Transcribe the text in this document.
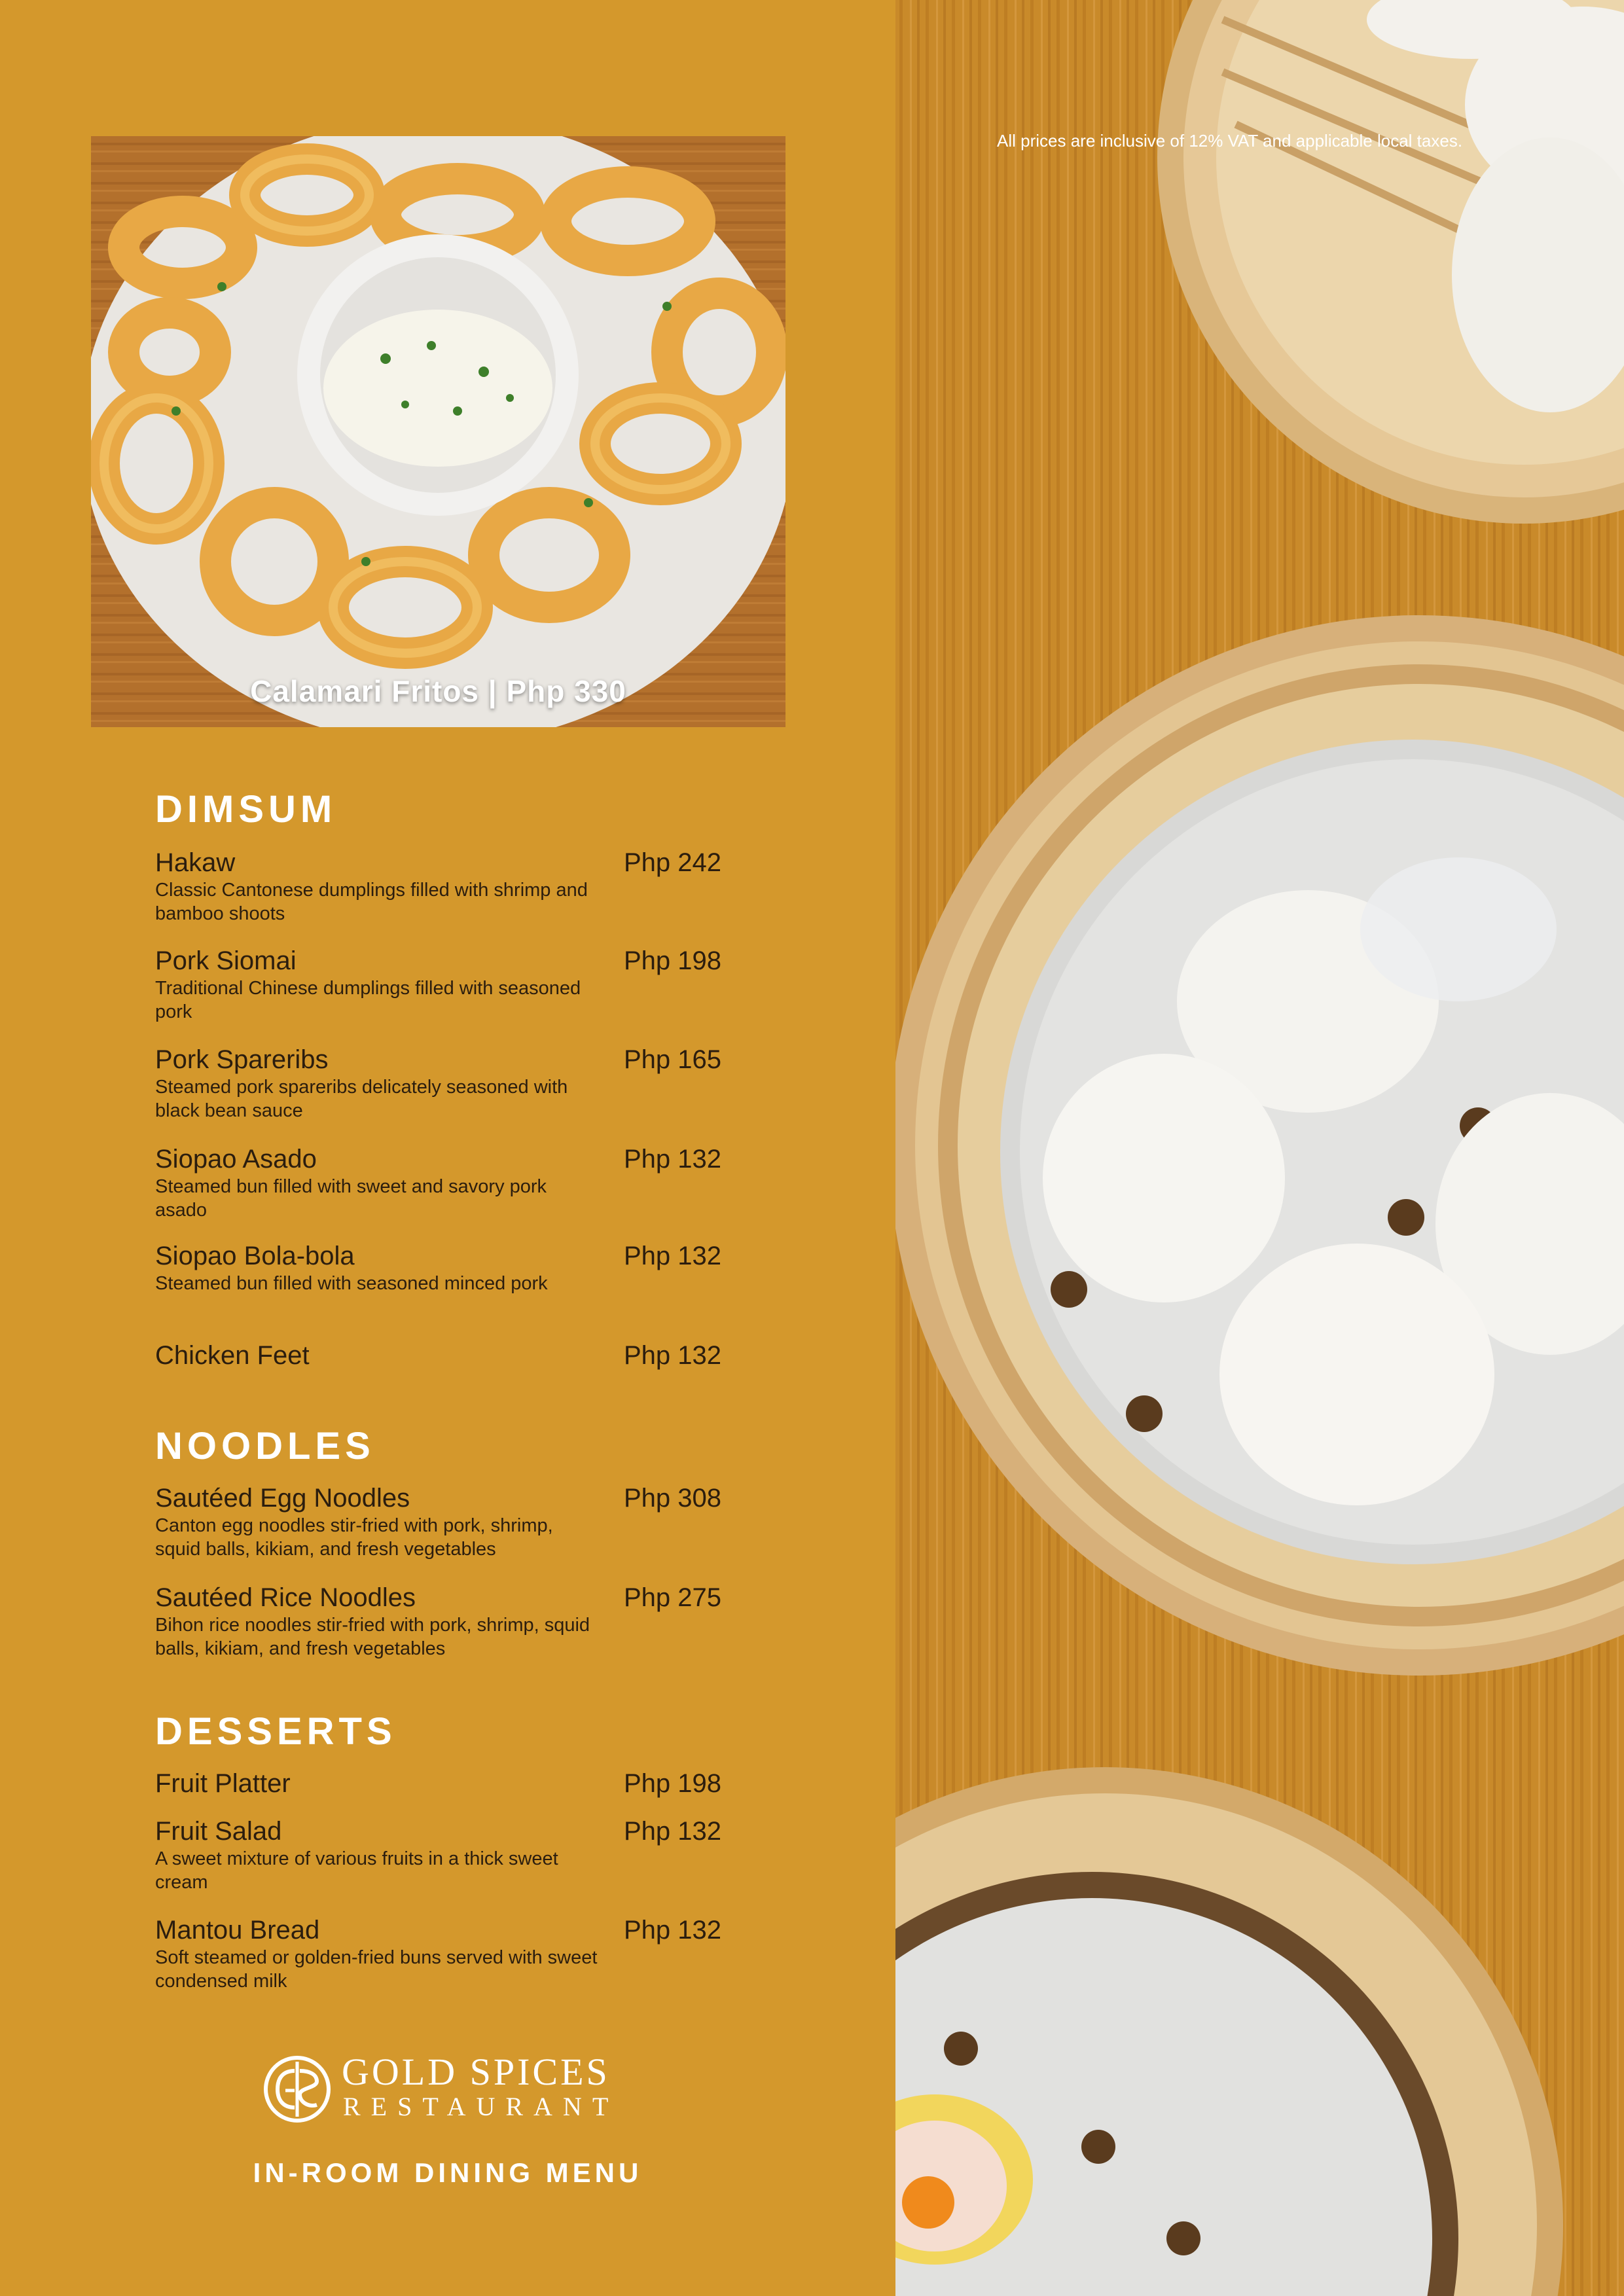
Calamari Fritos | Php 330
DIMSUM
Hakaw	Php 242
Classic Cantonese dumplings filled with shrimp and bamboo shoots
Pork Siomai	Php 198
Traditional Chinese dumplings filled with seasoned pork
Pork Spareribs	Php 165
Steamed pork spareribs delicately seasoned with black bean sauce
Siopao Asado	Php 132
Steamed bun filled with sweet and savory pork asado
Siopao Bola-bola	Php 132
Steamed bun filled with seasoned minced pork
Chicken Feet	Php 132
NOODLES
Sautéed Egg Noodles	Php 308
Canton egg noodles stir-fried with pork, shrimp, squid balls, kikiam, and fresh vegetables
Sautéed Rice Noodles	Php 275
Bihon rice noodles stir-fried with pork, shrimp, squid balls, kikiam, and fresh vegetables
DESSERTS
Fruit Platter	Php 198
Fruit Salad	Php 132
A sweet mixture of various fruits in a thick sweet cream
Mantou Bread	Php 132
Soft steamed or golden-fried buns served with sweet condensed milk
GOLD SPICES
RESTAURANT
IN-ROOM DINING MENU
All prices are inclusive of 12% VAT and applicable local taxes.
